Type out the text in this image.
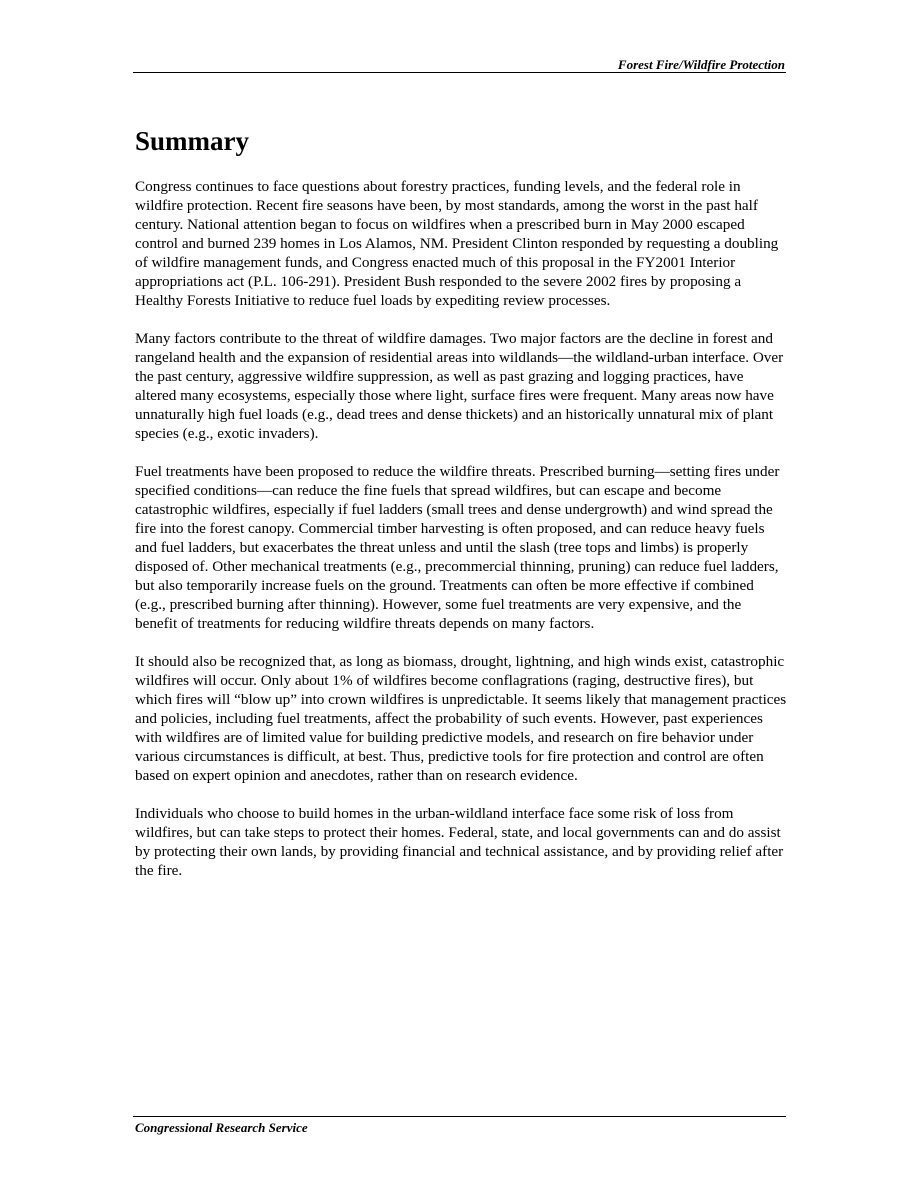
Forest Fire/Wildfire Protection
Summary

Congress continues to face questions about forestry practices, funding levels, and the federal role in wildfire protection. Recent fire seasons have been, by most standards, among the worst in the past half century. National attention began to focus on wildfires when a prescribed burn in May 2000 escaped control and burned 239 homes in Los Alamos, NM. President Clinton responded by requesting a doubling of wildfire management funds, and Congress enacted much of this proposal in the FY2001 Interior appropriations act (P.L. 106-291). President Bush responded to the severe 2002 fires by proposing a Healthy Forests Initiative to reduce fuel loads by expediting review processes.

Many factors contribute to the threat of wildfire damages. Two major factors are the decline in forest and rangeland health and the expansion of residential areas into wildlands—the wildland-urban interface. Over the past century, aggressive wildfire suppression, as well as past grazing and logging practices, have altered many ecosystems, especially those where light, surface fires were frequent. Many areas now have unnaturally high fuel loads (e.g., dead trees and dense thickets) and an historically unnatural mix of plant species (e.g., exotic invaders).

Fuel treatments have been proposed to reduce the wildfire threats. Prescribed burning—setting fires under specified conditions—can reduce the fine fuels that spread wildfires, but can escape and become catastrophic wildfires, especially if fuel ladders (small trees and dense undergrowth) and wind spread the fire into the forest canopy. Commercial timber harvesting is often proposed, and can reduce heavy fuels and fuel ladders, but exacerbates the threat unless and until the slash (tree tops and limbs) is properly disposed of. Other mechanical treatments (e.g., precommercial thinning, pruning) can reduce fuel ladders, but also temporarily increase fuels on the ground. Treatments can often be more effective if combined (e.g., prescribed burning after thinning). However, some fuel treatments are very expensive, and the benefit of treatments for reducing wildfire threats depends on many factors.

It should also be recognized that, as long as biomass, drought, lightning, and high winds exist, catastrophic wildfires will occur. Only about 1% of wildfires become conflagrations (raging, destructive fires), but which fires will “blow up” into crown wildfires is unpredictable. It seems likely that management practices and policies, including fuel treatments, affect the probability of such events. However, past experiences with wildfires are of limited value for building predictive models, and research on fire behavior under various circumstances is difficult, at best. Thus, predictive tools for fire protection and control are often based on expert opinion and anecdotes, rather than on research evidence.

Individuals who choose to build homes in the urban-wildland interface face some risk of loss from wildfires, but can take steps to protect their homes. Federal, state, and local governments can and do assist by protecting their own lands, by providing financial and technical assistance, and by providing relief after the fire.

Congressional Research Service
